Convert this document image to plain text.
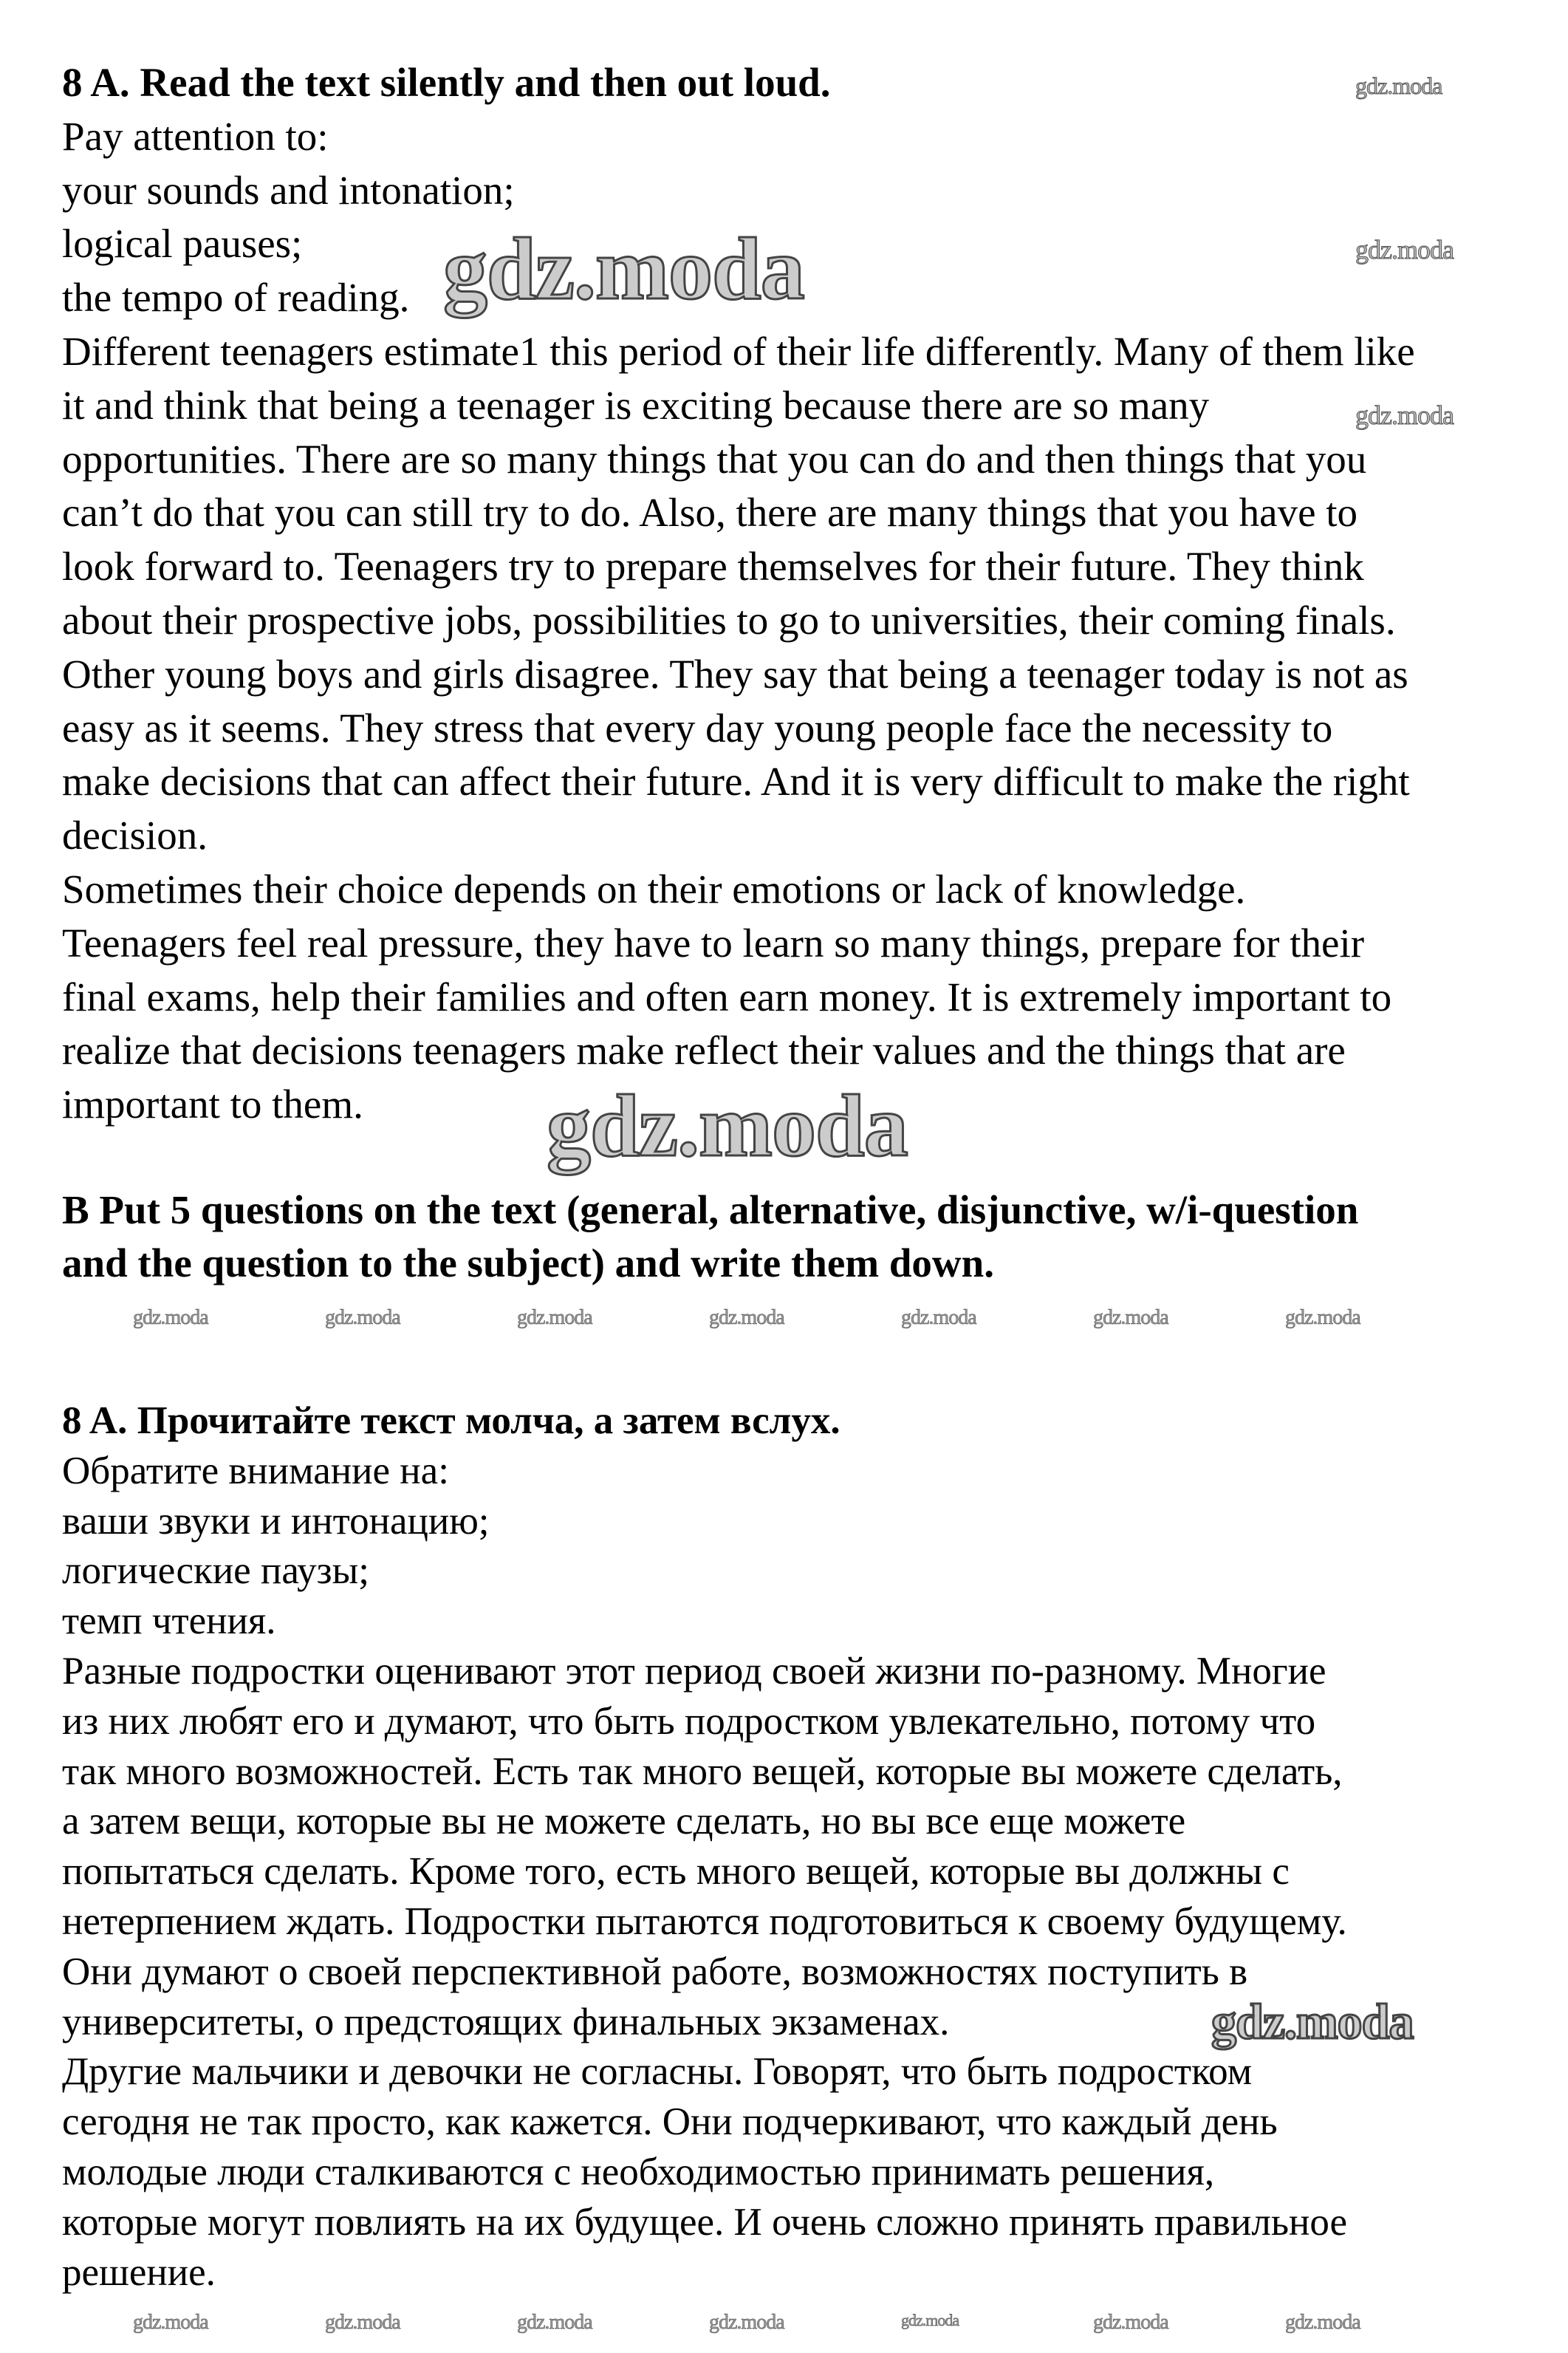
8 A. Read the text silently and then out loud.
Pay attention to:
your sounds and intonation;
logical pauses;
the tempo of reading.
Different teenagers estimate1 this period of their life differently. Many of them like
it and think that being a teenager is exciting because there are so many
opportunities. There are so many things that you can do and then things that you
can’t do that you can still try to do. Also, there are many things that you have to
look forward to. Teenagers try to prepare themselves for their future. They think
about their prospective jobs, possibilities to go to universities, their coming finals.
Other young boys and girls disagree. They say that being a teenager today is not as
easy as it seems. They stress that every day young people face the necessity to
make decisions that can affect their future. And it is very difficult to make the right
decision.
Sometimes their choice depends on their emotions or lack of knowledge.
Teenagers feel real pressure, they have to learn so many things, prepare for their
final exams, help their families and often earn money. It is extremely important to
realize that decisions teenagers make reflect their values and the things that are
important to them.
B Put 5 questions on the text (general, alternative, disjunctive, w/i-question
and the question to the subject) and write them down.
8 A. Прочитайте текст молча, а затем вслух.
Обратите внимание на:
ваши звуки и интонацию;
логические паузы;
темп чтения.
Разные подростки оценивают этот период своей жизни по-разному. Многие
из них любят его и думают, что быть подростком увлекательно, потому что
так много возможностей. Есть так много вещей, которые вы можете сделать,
а затем вещи, которые вы не можете сделать, но вы все еще можете
попытаться сделать. Кроме того, есть много вещей, которые вы должны с
нетерпением ждать. Подростки пытаются подготовиться к своему будущему.
Они думают о своей перспективной работе, возможностях поступить в
университеты, о предстоящих финальных экзаменах.
Другие мальчики и девочки не согласны. Говорят, что быть подростком
сегодня не так просто, как кажется. Они подчеркивают, что каждый день
молодые люди сталкиваются с необходимостью принимать решения,
которые могут повлиять на их будущее. И очень сложно принять правильное
решение.
gdz.moda
gdz.moda
gdz.moda
gdz.moda
gdz.moda
gdz.moda
gdz.moda	gdz.moda	gdz.moda	gdz.moda	gdz.moda	gdz.moda	gdz.moda
gdz.moda	gdz.moda	gdz.moda	gdz.moda	gdz.moda	gdz.moda	gdz.moda
